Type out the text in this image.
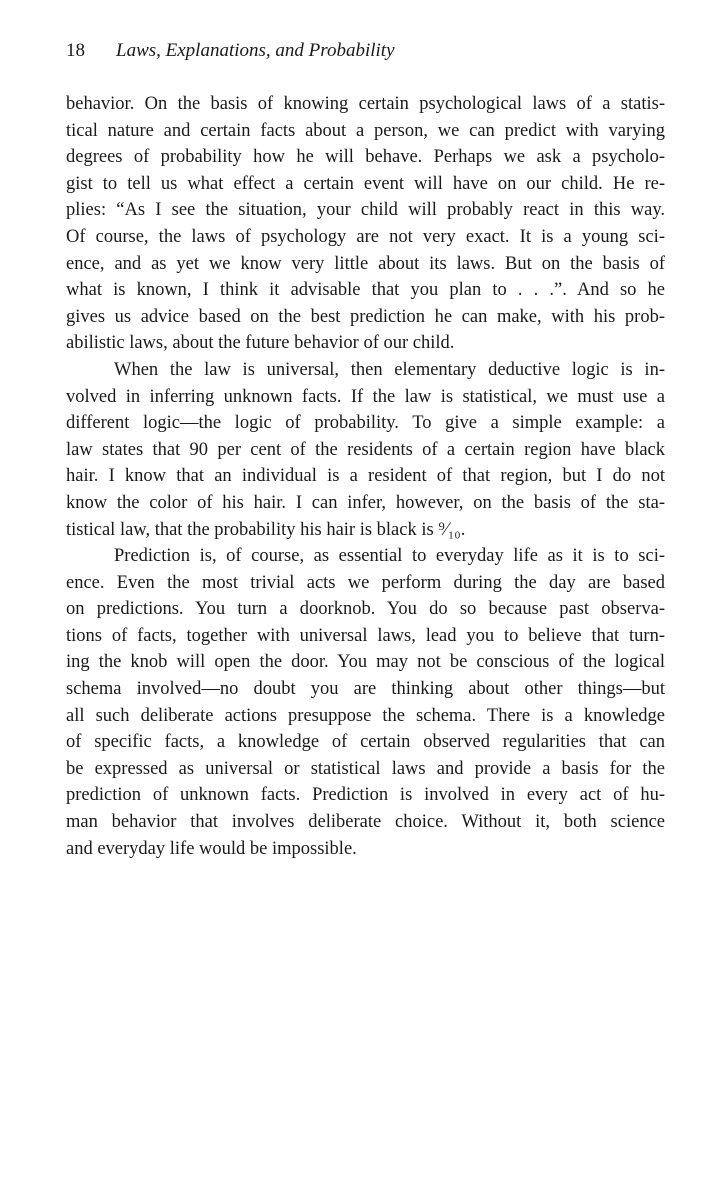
18 Laws, Explanations, and Probability
behavior. On the basis of knowing certain psychological laws of a statis-
tical nature and certain facts about a person, we can predict with varying
degrees of probability how he will behave. Perhaps we ask a psycholo-
gist to tell us what effect a certain event will have on our child. He re-
plies: “As I see the situation, your child will probably react in this way.
Of course, the laws of psychology are not very exact. It is a young sci-
ence, and as yet we know very little about its laws. But on the basis of
what is known, I think it advisable that you plan to . . .”. And so he
gives us advice based on the best prediction he can make, with his prob-
abilistic laws, about the future behavior of our child.
When the law is universal, then elementary deductive logic is in-
volved in inferring unknown facts. If the law is statistical, we must use a
different logic—the logic of probability. To give a simple example: a
law states that 90 per cent of the residents of a certain region have black
hair. I know that an individual is a resident of that region, but I do not
know the color of his hair. I can infer, however, on the basis of the sta-
tistical law, that the probability his hair is black is ⁹⁄₁₀.
Prediction is, of course, as essential to everyday life as it is to sci-
ence. Even the most trivial acts we perform during the day are based
on predictions. You turn a doorknob. You do so because past observa-
tions of facts, together with universal laws, lead you to believe that turn-
ing the knob will open the door. You may not be conscious of the logical
schema involved—no doubt you are thinking about other things—but
all such deliberate actions presuppose the schema. There is a knowledge
of specific facts, a knowledge of certain observed regularities that can
be expressed as universal or statistical laws and provide a basis for the
prediction of unknown facts. Prediction is involved in every act of hu-
man behavior that involves deliberate choice. Without it, both science
and everyday life would be impossible.
